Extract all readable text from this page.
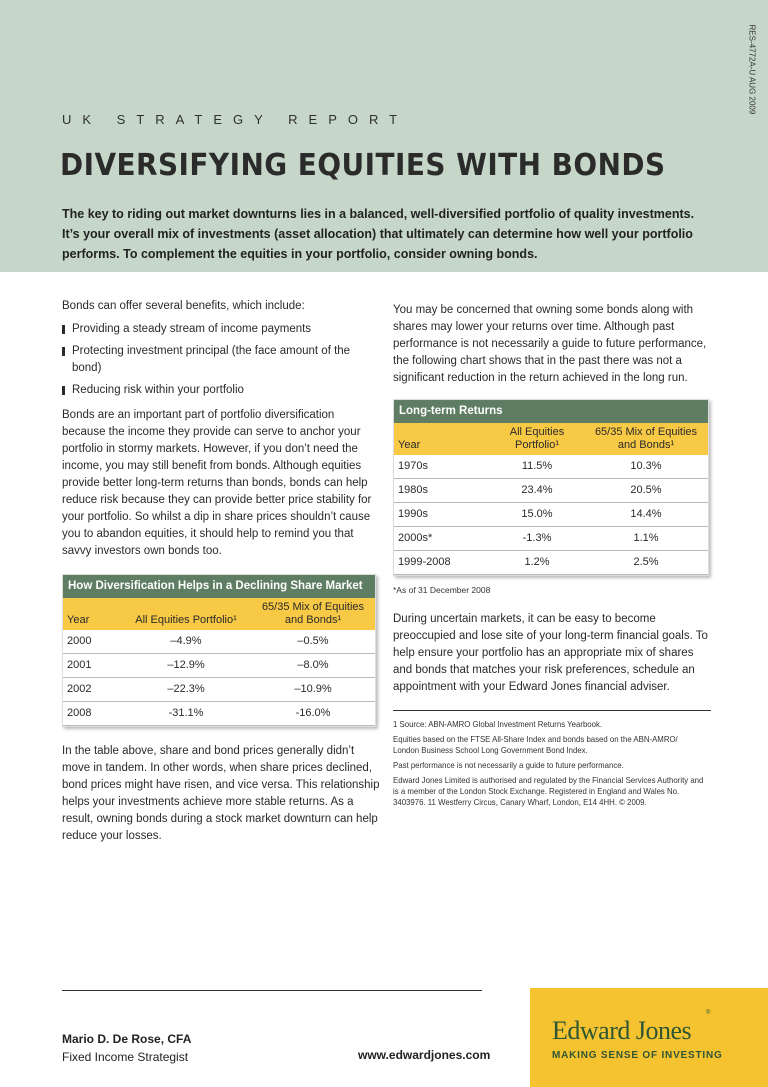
RES-4772A-U AUG 2009
UK STRATEGY REPORT
DIVERSIFYING EQUITIES WITH BONDS
The key to riding out market downturns lies in a balanced, well-diversified portfolio of quality investments. It’s your overall mix of investments (asset allocation) that ultimately can determine how well your portfolio performs. To complement the equities in your portfolio, consider owning bonds.

Bonds can offer several benefits, which include:

Providing a steady stream of income payments
Protecting investment principal (the face amount of the bond)
Reducing risk within your portfolio

Bonds are an important part of portfolio diversification because the income they provide can serve to anchor your portfolio in stormy markets. However, if you don’t need the income, you may still benefit from bonds. Although equities provide better long-term returns than bonds, bonds can help reduce risk because they can provide better price stability for your portfolio. So whilst a dip in share prices shouldn’t cause you to abandon equities, it should help to remind you that savvy investors own bonds too.

How Diversification Helps in a Declining Share Market		
Year	All Equities Portfolio¹	65/35 Mix of Equities and Bonds¹
2000	–4.9%	–0.5%
2001	–12.9%	–8.0%
2002	–22.3%	–10.9%
2008	-31.1%	-16.0%

In the table above, share and bond prices generally didn’t move in tandem. In other words, when share prices declined, bond prices might have risen, and vice versa. This relationship helps your investments achieve more stable returns. As a result, owning bonds during a stock market downturn can help reduce your losses.

You may be concerned that owning some bonds along with shares may lower your returns over time. Although past performance is not necessarily a guide to future performance, the following chart shows that in the past there was not a significant reduction in the return achieved in the long run.

Long-term Returns		
Year	All Equities Portfolio¹	65/35 Mix of Equities and Bonds¹
1970s	11.5%	10.3%
1980s	23.4%	20.5%
1990s	15.0%	14.4%
2000s*	-1.3%	1.1%
1999-2008	1.2%	2.5%

*As of 31 December 2008

During uncertain markets, it can be easy to become preoccupied and lose site of your long-term financial goals. To help ensure your portfolio has an appropriate mix of shares and bonds that matches your risk preferences, schedule an appointment with your Edward Jones financial adviser.

1 Source: ABN-AMRO Global Investment Returns Yearbook.

Equities based on the FTSE All-Share Index and bonds based on the ABN-AMRO/ London Business School Long Government Bond Index.

Past performance is not necessarily a guide to future performance.

Edward Jones Limited is authorised and regulated by the Financial Services Authority and is a member of the London Stock Exchange. Registered in England and Wales No. 3403976. 11 Westferry Circus, Canary Wharf, London, E14 4HH. © 2009.

Mario D. De Rose, CFA
Fixed Income Strategist	www.edwardjones.com
Edward Jones
®
MAKING SENSE OF INVESTING
